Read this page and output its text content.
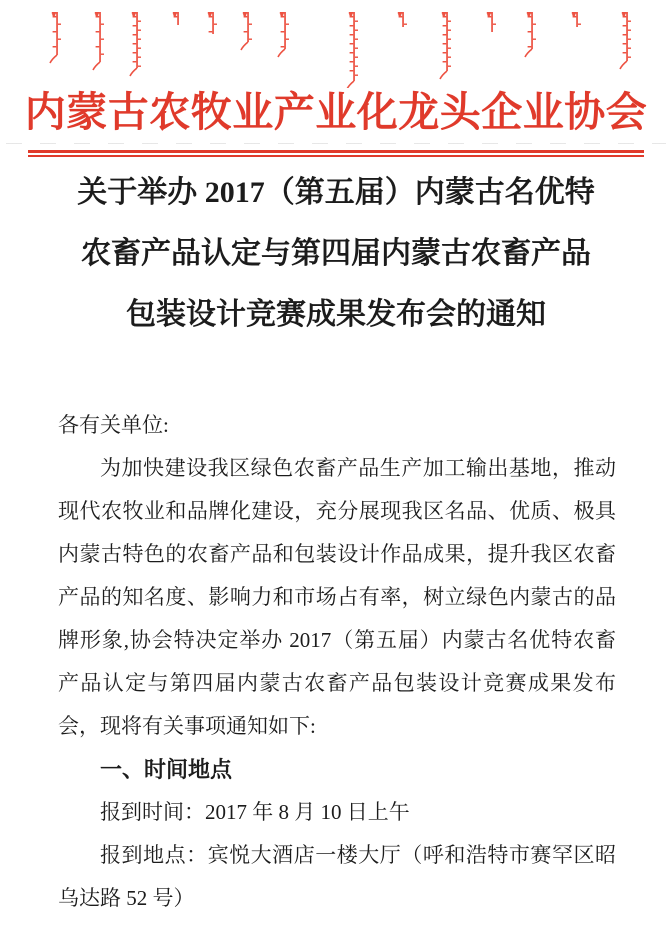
内蒙古农牧业产业化龙头企业协会

关于举办 2017（第五届）内蒙古名优特

农畜产品认定与第四届内蒙古农畜产品

包装设计竞赛成果发布会的通知

各有关单位:

为加快建设我区绿色农畜产品生产加工输出基地，推动

现代农牧业和品牌化建设，充分展现我区名品、优质、极具

内蒙古特色的农畜产品和包装设计作品成果，提升我区农畜

产品的知名度、影响力和市场占有率，树立绿色内蒙古的品

牌形象,协会特决定举办 2017（第五届）内蒙古名优特农畜

产品认定与第四届内蒙古农畜产品包装设计竞赛成果发布

会，现将有关事项通知如下:

一、时间地点

报到时间：2017 年 8 月 10 日上午

报到地点：宾悦大酒店一楼大厅（呼和浩特市赛罕区昭

乌达路 52 号）
